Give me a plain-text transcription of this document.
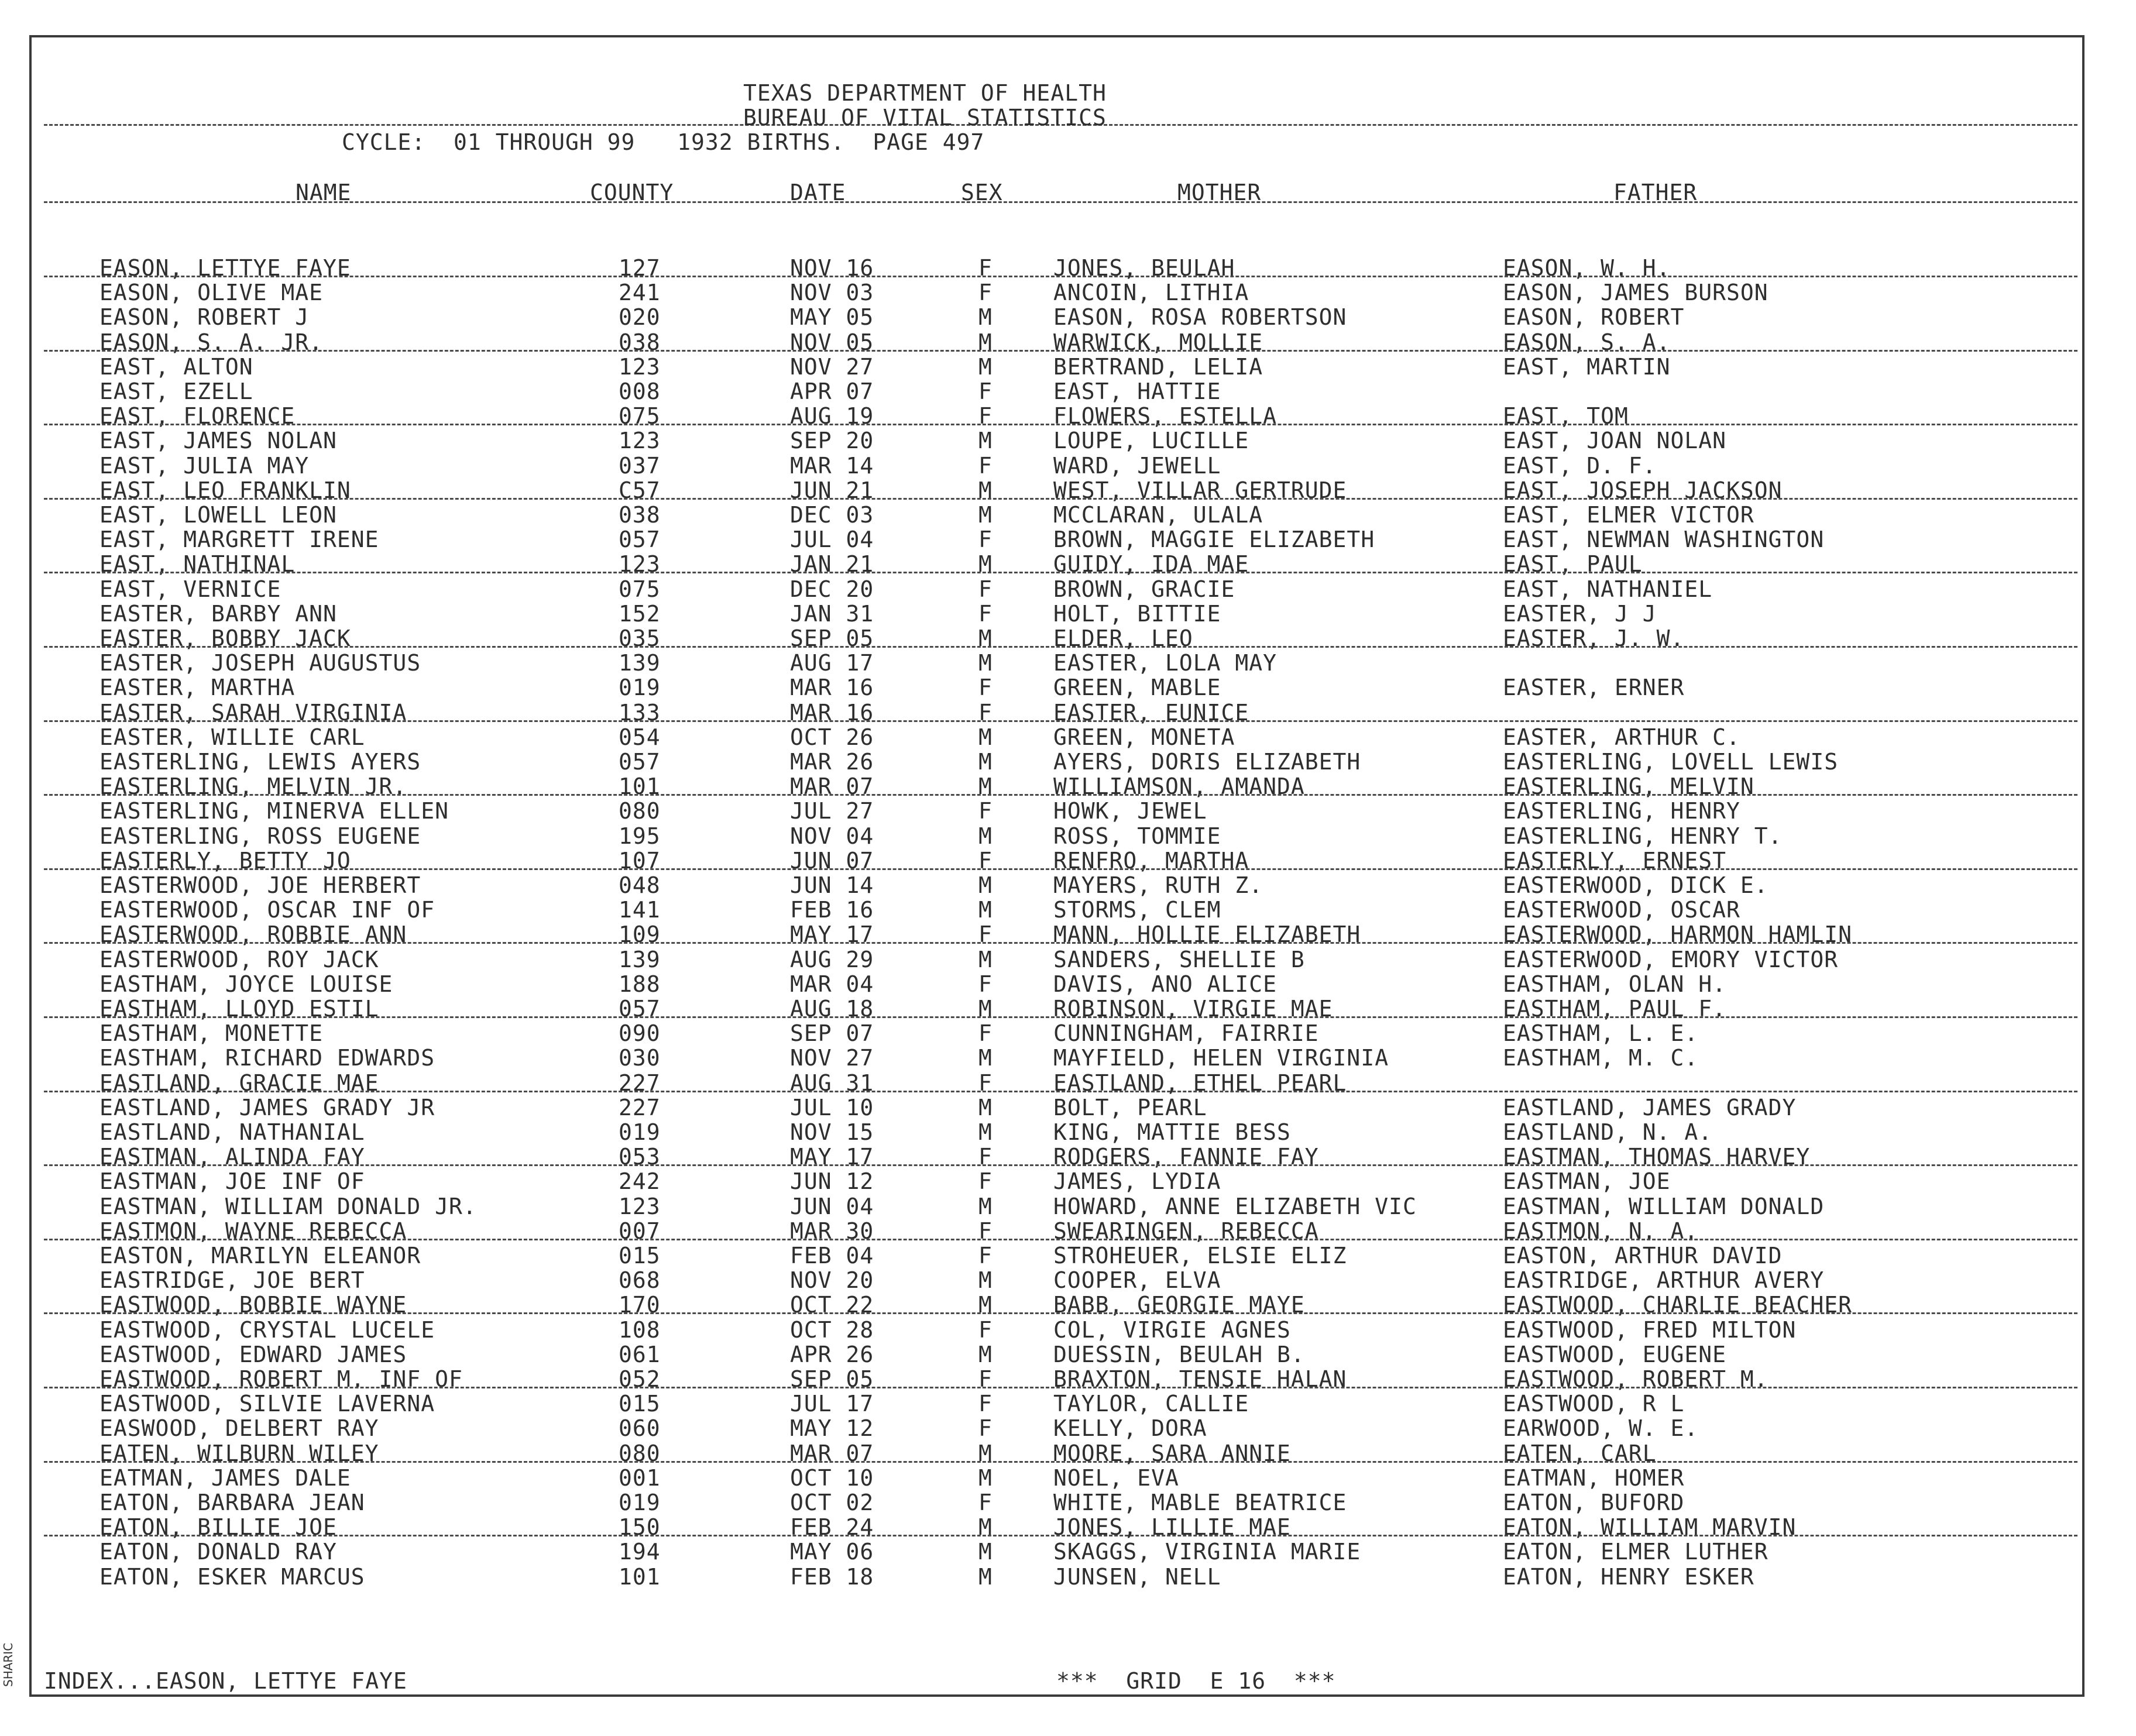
TEXAS DEPARTMENT OF HEALTH
BUREAU OF VITAL STATISTICS
CYCLE:  01 THROUGH 99   1932 BIRTHS.  PAGE 497
NAME	COUNTY	DATE	SEX	MOTHER	FATHER
EASON, LETTYE FAYE	127	NOV 16	F	JONES, BEULAH	EASON, W. H.
EASON, OLIVE MAE	241	NOV 03	F	ANCOIN, LITHIA	EASON, JAMES BURSON
EASON, ROBERT J	020	MAY 05	M	EASON, ROSA ROBERTSON	EASON, ROBERT
EASON, S. A. JR.	038	NOV 05	M	WARWICK, MOLLIE	EASON, S. A.
EAST, ALTON	123	NOV 27	M	BERTRAND, LELIA	EAST, MARTIN
EAST, EZELL	008	APR 07	F	EAST, HATTIE
EAST, FLORENCE	075	AUG 19	F	FLOWERS, ESTELLA	EAST, TOM
EAST, JAMES NOLAN	123	SEP 20	M	LOUPE, LUCILLE	EAST, JOAN NOLAN
EAST, JULIA MAY	037	MAR 14	F	WARD, JEWELL	EAST, D. F.
EAST, LEO FRANKLIN	C57	JUN 21	M	WEST, VILLAR GERTRUDE	EAST, JOSEPH JACKSON
EAST, LOWELL LEON	038	DEC 03	M	MCCLARAN, ULALA	EAST, ELMER VICTOR
EAST, MARGRETT IRENE	057	JUL 04	F	BROWN, MAGGIE ELIZABETH	EAST, NEWMAN WASHINGTON
EAST, NATHINAL	123	JAN 21	M	GUIDY, IDA MAE	EAST, PAUL
EAST, VERNICE	075	DEC 20	F	BROWN, GRACIE	EAST, NATHANIEL
EASTER, BARBY ANN	152	JAN 31	F	HOLT, BITTIE	EASTER, J J
EASTER, BOBBY JACK	035	SEP 05	M	ELDER, LEO	EASTER, J. W.
EASTER, JOSEPH AUGUSTUS	139	AUG 17	M	EASTER, LOLA MAY
EASTER, MARTHA	019	MAR 16	F	GREEN, MABLE	EASTER, ERNER
EASTER, SARAH VIRGINIA	133	MAR 16	F	EASTER, EUNICE
EASTER, WILLIE CARL	054	OCT 26	M	GREEN, MONETA	EASTER, ARTHUR C.
EASTERLING, LEWIS AYERS	057	MAR 26	M	AYERS, DORIS ELIZABETH	EASTERLING, LOVELL LEWIS
EASTERLING, MELVIN JR.	101	MAR 07	M	WILLIAMSON, AMANDA	EASTERLING, MELVIN
EASTERLING, MINERVA ELLEN	080	JUL 27	F	HOWK, JEWEL	EASTERLING, HENRY
EASTERLING, ROSS EUGENE	195	NOV 04	M	ROSS, TOMMIE	EASTERLING, HENRY T.
EASTERLY, BETTY JO	107	JUN 07	F	RENFRO, MARTHA	EASTERLY, ERNEST
EASTERWOOD, JOE HERBERT	048	JUN 14	M	MAYERS, RUTH Z.	EASTERWOOD, DICK E.
EASTERWOOD, OSCAR INF OF	141	FEB 16	M	STORMS, CLEM	EASTERWOOD, OSCAR
EASTERWOOD, ROBBIE ANN	109	MAY 17	F	MANN, HOLLIE ELIZABETH	EASTERWOOD, HARMON HAMLIN
EASTERWOOD, ROY JACK	139	AUG 29	M	SANDERS, SHELLIE B	EASTERWOOD, EMORY VICTOR
EASTHAM, JOYCE LOUISE	188	MAR 04	F	DAVIS, ANO ALICE	EASTHAM, OLAN H.
EASTHAM, LLOYD ESTIL	057	AUG 18	M	ROBINSON, VIRGIE MAE	EASTHAM, PAUL F.
EASTHAM, MONETTE	090	SEP 07	F	CUNNINGHAM, FAIRRIE	EASTHAM, L. E.
EASTHAM, RICHARD EDWARDS	030	NOV 27	M	MAYFIELD, HELEN VIRGINIA	EASTHAM, M. C.
EASTLAND, GRACIE MAE	227	AUG 31	F	EASTLAND, ETHEL PEARL
EASTLAND, JAMES GRADY JR	227	JUL 10	M	BOLT, PEARL	EASTLAND, JAMES GRADY
EASTLAND, NATHANIAL	019	NOV 15	M	KING, MATTIE BESS	EASTLAND, N. A.
EASTMAN, ALINDA FAY	053	MAY 17	F	RODGERS, FANNIE FAY	EASTMAN, THOMAS HARVEY
EASTMAN, JOE INF OF	242	JUN 12	F	JAMES, LYDIA	EASTMAN, JOE
EASTMAN, WILLIAM DONALD JR.	123	JUN 04	M	HOWARD, ANNE ELIZABETH VIC	EASTMAN, WILLIAM DONALD
EASTMON, WAYNE REBECCA	007	MAR 30	F	SWEARINGEN, REBECCA	EASTMON, N. A.
EASTON, MARILYN ELEANOR	015	FEB 04	F	STROHEUER, ELSIE ELIZ	EASTON, ARTHUR DAVID
EASTRIDGE, JOE BERT	068	NOV 20	M	COOPER, ELVA	EASTRIDGE, ARTHUR AVERY
EASTWOOD, BOBBIE WAYNE	170	OCT 22	M	BABB, GEORGIE MAYE	EASTWOOD, CHARLIE BEACHER
EASTWOOD, CRYSTAL LUCELE	108	OCT 28	F	COL, VIRGIE AGNES	EASTWOOD, FRED MILTON
EASTWOOD, EDWARD JAMES	061	APR 26	M	DUESSIN, BEULAH B.	EASTWOOD, EUGENE
EASTWOOD, ROBERT M. INF OF	052	SEP 05	F	BRAXTON, TENSIE HALAN	EASTWOOD, ROBERT M.
EASTWOOD, SILVIE LAVERNA	015	JUL 17	F	TAYLOR, CALLIE	EASTWOOD, R L
EASWOOD, DELBERT RAY	060	MAY 12	F	KELLY, DORA	EARWOOD, W. E.
EATEN, WILBURN WILEY	080	MAR 07	M	MOORE, SARA ANNIE	EATEN, CARL
EATMAN, JAMES DALE	001	OCT 10	M	NOEL, EVA	EATMAN, HOMER
EATON, BARBARA JEAN	019	OCT 02	F	WHITE, MABLE BEATRICE	EATON, BUFORD
EATON, BILLIE JOE	150	FEB 24	M	JONES, LILLIE MAE	EATON, WILLIAM MARVIN
EATON, DONALD RAY	194	MAY 06	M	SKAGGS, VIRGINIA MARIE	EATON, ELMER LUTHER
EATON, ESKER MARCUS	101	FEB 18	M	JUNSEN, NELL	EATON, HENRY ESKER
INDEX...EASON, LETTYE FAYE	***  GRID  E 16  ***
SHARIC
